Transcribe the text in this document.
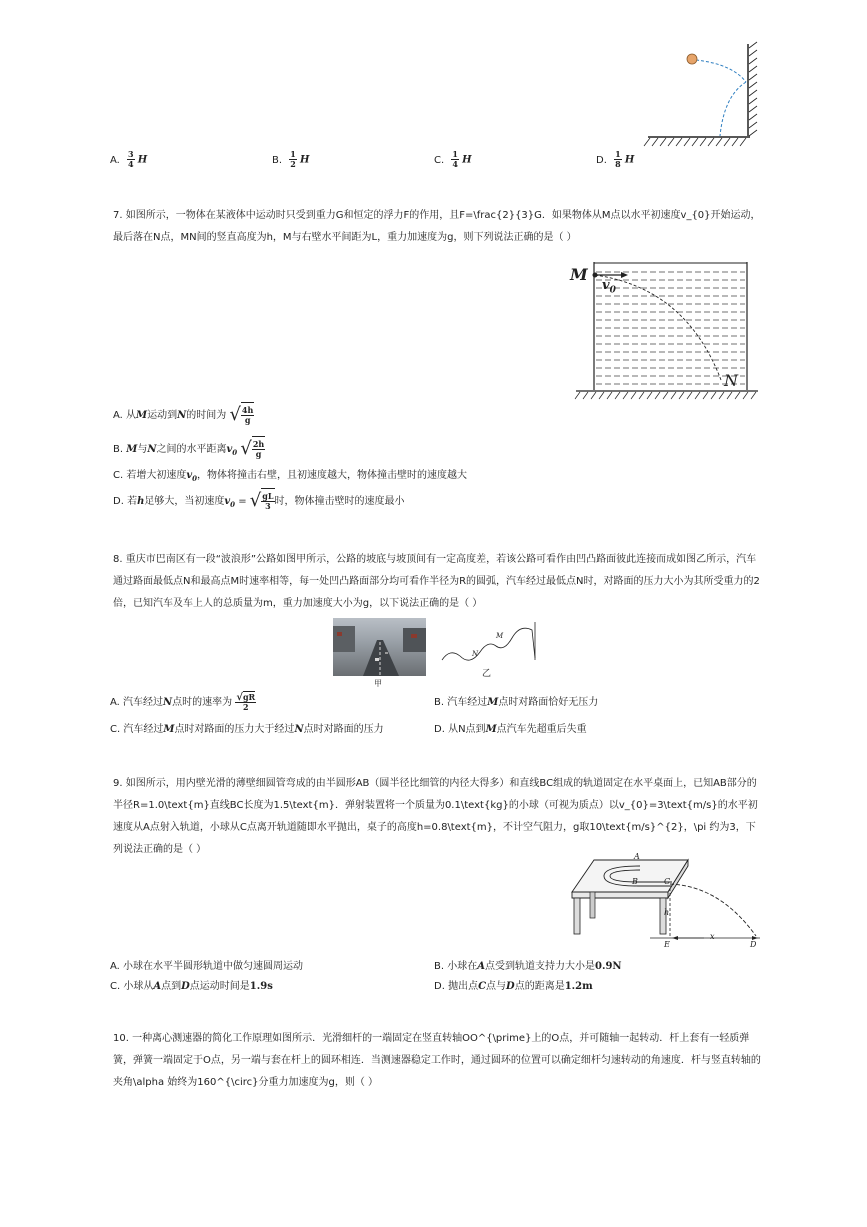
A. $\frac{3}{4}$ H	B. $\frac{1}{2}$ H	C. $\frac{1}{4}$ H	D. $\frac{1}{8}$ H
7. 如图所示，一物体在某液体中运动时只受到重力G和恒定的浮力F的作用，且F=\frac{2}{3}G．如果物体从M点以水平初速度v_{0}开始运动，最后落在N点，MN间的竖直高度为h，M与右壁水平间距为L，重力加速度为g，则下列说法正确的是（ ）
M
$v_0$
N
A. 从M运动到N的时间为 √ $\frac{4h}{g}$
B. M与N之间的水平距离$v_0$ √ $\frac{2h}{g}$
C. 若增大初速度$v_0$，物体将撞击右壁，且初速度越大，物体撞击壁时的速度越大
D. 若h足够大，当初速度$v_0$ = √ $\frac{gL}{3}$ 时，物体撞击壁时的速度最小
8. 重庆市巴南区有一段“波浪形”公路如图甲所示，公路的坡底与坡顶间有一定高度差，若该公路可看作由凹凸路面彼此连接而成如图乙所示，汽车通过路面最低点N和最高点M时速率相等，每一处凹凸路面部分均可看作半径为R的圆弧，汽车经过最低点N时，对路面的压力大小为其所受重力的2倍，已知汽车及车上人的总质量为m，重力加速度大小为g，以下说法正确的是（ ）
甲
M
N
乙
A. 汽车经过N点时的速率为 $\frac{√gR}{2}$	B. 汽车经过M点时对路面恰好无压力
C. 汽车经过M点时对路面的压力大于经过N点时对路面的压力	D. 从N点到M点汽车先超重后失重
9. 如图所示，用内壁光滑的薄壁细圆管弯成的由半圆形AB（圆半径比细管的内径大得多）和直线BC组成的轨道固定在水平桌面上，已知AB部分的半径R=1.0\text{m}直线BC长度为1.5\text{m}．弹射装置将一个质量为0.1\text{kg}的小球（可视为质点）以v_{0}=3\text{m/s}的水平初速度从A点射入轨道，小球从C点离开轨道随即水平抛出，桌子的高度h=0.8\text{m}，不计空气阻力，g取10\text{m/s}^{2}，\pi 约为3，下列说法正确的是（ ）
A
B	C
h
E
x
D
A. 小球在水平半圆形轨道中做匀速圆周运动	B. 小球在A点受到轨道支持力大小是0.9N
C. 小球从A点到D点运动时间是1.9s	D. 抛出点C点与D点的距离是1.2m
10. 一种离心测速器的简化工作原理如图所示．光滑细杆的一端固定在竖直转轴OO^{\prime}上的O点，并可随轴一起转动．杆上套有一轻质弹簧，弹簧一端固定于O点，另一端与套在杆上的圆环相连．当测速器稳定工作时，通过圆环的位置可以确定细杆匀速转动的角速度．杆与竖直转轴的夹角\alpha 始终为160^{\circ}分重力加速度为g，则（ ）
